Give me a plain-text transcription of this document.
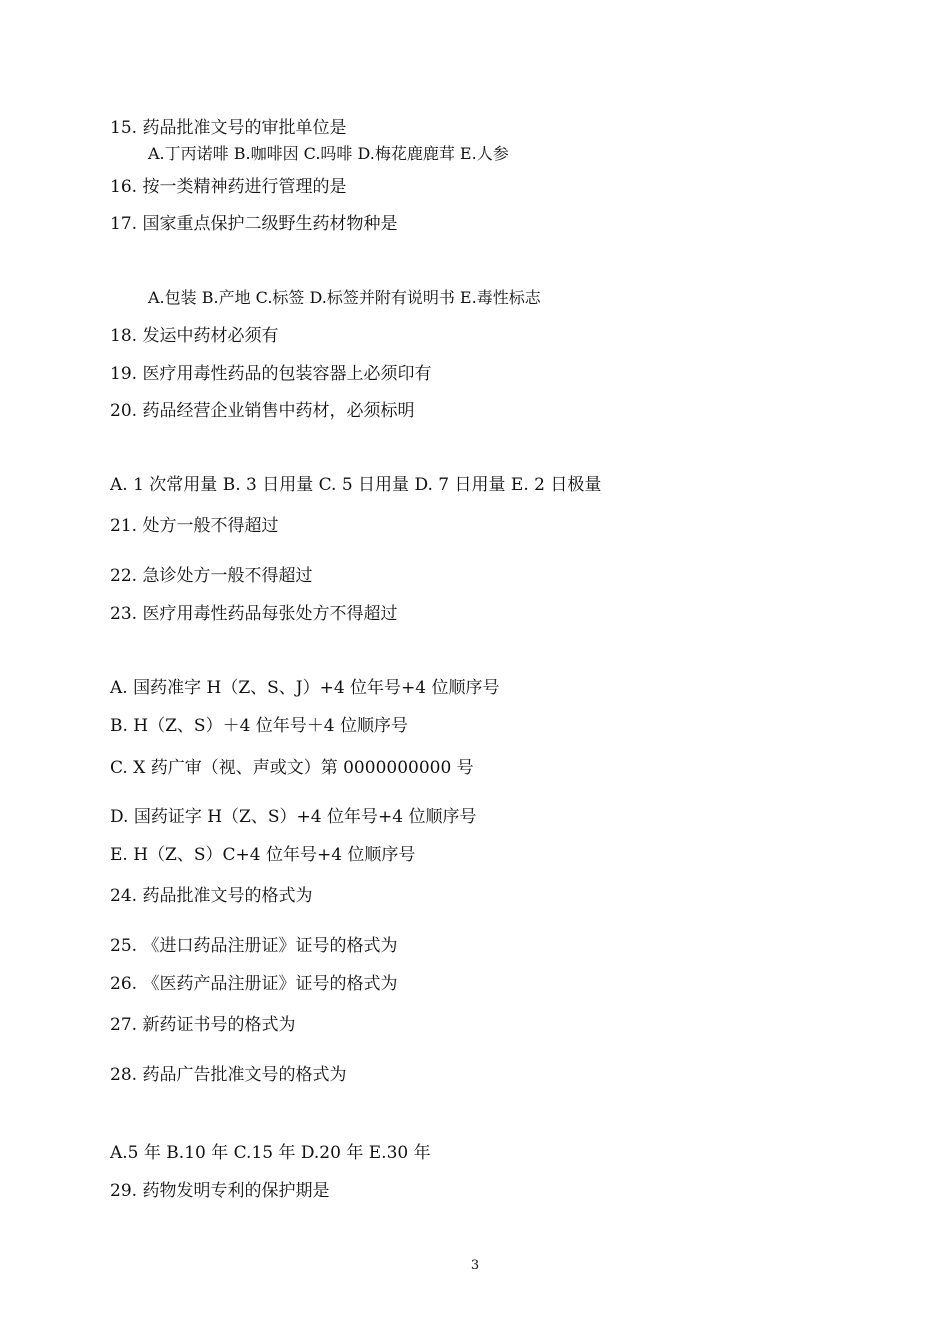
15. 药品批准文号的审批单位是
A.丁丙诺啡 B.咖啡因 C.吗啡 D.梅花鹿鹿茸 E.人参
16. 按一类精神药进行管理的是
17. 国家重点保护二级野生药材物种是
A.包装 B.产地 C.标签 D.标签并附有说明书 E.毒性标志
18. 发运中药材必须有
19. 医疗用毒性药品的包装容器上必须印有
20. 药品经营企业销售中药材，必须标明
A. 1 次常用量 B. 3 日用量 C. 5 日用量 D. 7 日用量 E. 2 日极量
21. 处方一般不得超过
22. 急诊处方一般不得超过
23. 医疗用毒性药品每张处方不得超过
A. 国药准字 H（Z、S、J）+4 位年号+4 位顺序号
B. H（Z、S）＋4 位年号＋4 位顺序号
C. X 药广审（视、声或文）第 0000000000 号
D. 国药证字 H（Z、S）+4 位年号+4 位顺序号
E. H（Z、S）C+4 位年号+4 位顺序号
24. 药品批准文号的格式为
25. 《进口药品注册证》证号的格式为
26. 《医药产品注册证》证号的格式为
27. 新药证书号的格式为
28. 药品广告批准文号的格式为
A.5 年 B.10 年 C.15 年 D.20 年 E.30 年
29. 药物发明专利的保护期是
3
